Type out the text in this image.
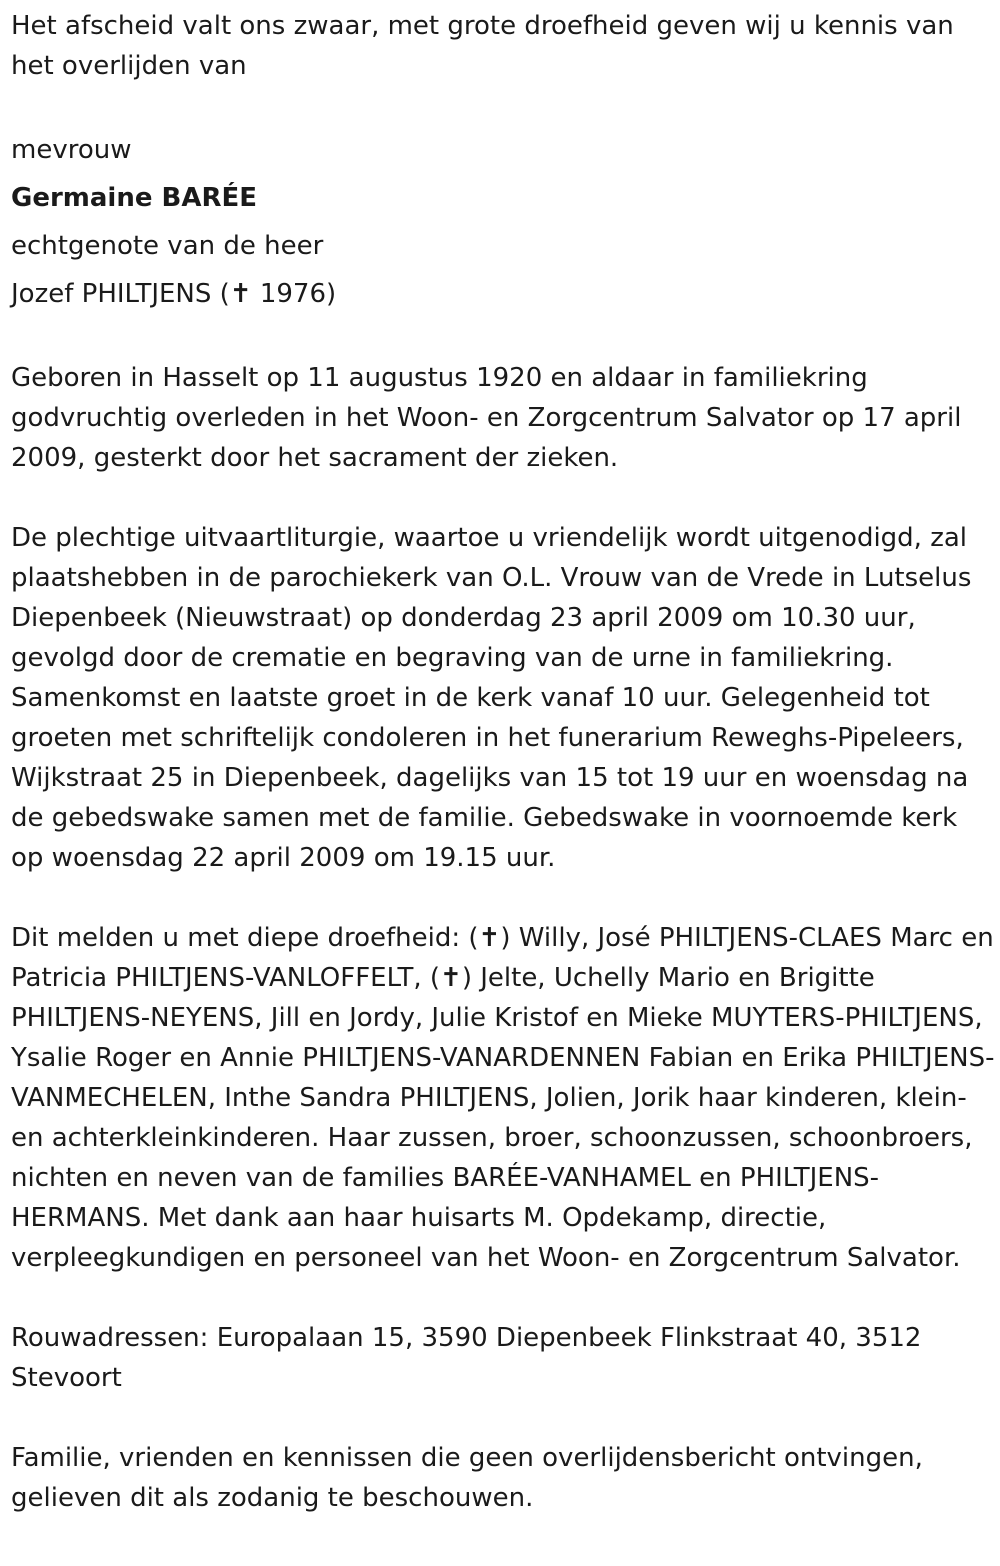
Het afscheid valt ons zwaar, met grote droefheid geven wij u kennis van het overlijden van

mevrouw
Germaine BARÉE
echtgenote van de heer
Jozef PHILTJENS (✝ 1976)

Geboren in Hasselt op 11 augustus 1920 en aldaar in familiekring godvruchtig overleden in het Woon- en Zorgcentrum Salvator op 17 april 2009, gesterkt door het sacrament der zieken.

De plechtige uitvaartliturgie, waartoe u vriendelijk wordt uitgenodigd, zal plaatshebben in de parochiekerk van O.L. Vrouw van de Vrede in Lutselus Diepenbeek (Nieuwstraat) op donderdag 23 april 2009 om 10.30 uur, gevolgd door de crematie en begraving van de urne in familiekring. Samenkomst en laatste groet in de kerk vanaf 10 uur. Gelegenheid tot groeten met schriftelijk condoleren in het funerarium Reweghs-Pipeleers, Wijkstraat 25 in Diepenbeek, dagelijks van 15 tot 19 uur en woensdag na de gebedswake samen met de familie. Gebedswake in voornoemde kerk op woensdag 22 april 2009 om 19.15 uur.

Dit melden u met diepe droefheid: (✝) Willy, José PHILTJENS-CLAES Marc en Patricia PHILTJENS-VANLOFFELT, (✝) Jelte, Uchelly Mario en Brigitte PHILTJENS-NEYENS, Jill en Jordy, Julie Kristof en Mieke MUYTERS-PHILTJENS, Ysalie Roger en Annie PHILTJENS-VANARDENNEN Fabian en Erika PHILTJENS-VANMECHELEN, Inthe Sandra PHILTJENS, Jolien, Jorik haar kinderen, klein- en achterkleinkinderen. Haar zussen, broer, schoonzussen, schoonbroers, nichten en neven van de families BARÉE-VANHAMEL en PHILTJENS-HERMANS. Met dank aan haar huisarts M. Opdekamp, directie, verpleegkundigen en personeel van het Woon- en Zorgcentrum Salvator.

Rouwadressen: Europalaan 15, 3590 Diepenbeek Flinkstraat 40, 3512 Stevoort

Familie, vrienden en kennissen die geen overlijdensbericht ontvingen, gelieven dit als zodanig te beschouwen.
